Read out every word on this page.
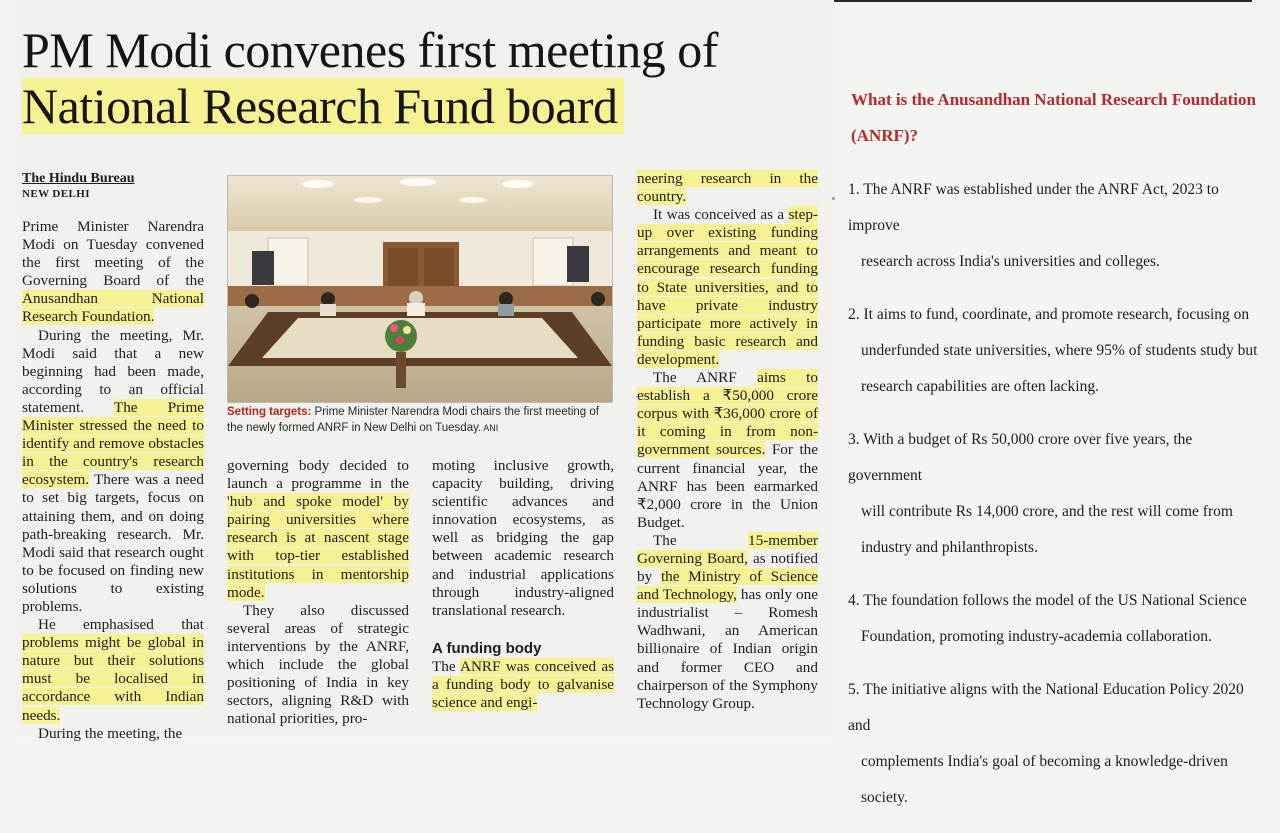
PM Modi convenes first meeting of
National Research Fund board
The Hindu Bureau
NEW DELHI

Prime Minister Narendra Modi on Tuesday convened the first meeting of the Governing Board of the Anusandhan National Research Foundation.

During the meeting, Mr. Modi said that a new beginning had been made, according to an official statement. The Prime Minister stressed the need to identify and remove obstacles in the country's research ecosystem. There was a need to set big targets, focus on attaining them, and on doing path-breaking research. Mr. Modi said that research ought to be focused on finding new solutions to existing problems.

He emphasised that problems might be global in nature but their solutions must be localised in accordance with Indian needs.

During the meeting, the

Setting targets: Prime Minister Narendra Modi chairs the first meeting of the newly formed ANRF in New Delhi on Tuesday. ANI

governing body decided to launch a programme in the 'hub and spoke model' by pairing universities where research is at nascent stage with top-tier established institutions in mentorship mode.

They also discussed several areas of strategic interventions by the ANRF, which include the global positioning of India in key sectors, aligning R&D with national priorities, pro-

moting inclusive growth, capacity building, driving scientific advances and innovation ecosystems, as well as bridging the gap between academic research and industrial applications through industry-aligned translational research.

A funding body

The ANRF was conceived as a funding body to galvanise science and engi-

neering research in the country.

It was conceived as a step-up over existing funding arrangements and meant to encourage research funding to State universities, and to have private industry participate more actively in funding basic research and development.

The ANRF aims to establish a ₹50,000 crore corpus with ₹36,000 crore of it coming in from non-government sources. For the current financial year, the ANRF has been earmarked ₹2,000 crore in the Union Budget.

The 15-member Governing Board, as notified by the Ministry of Science and Technology, has only one industrialist – Romesh Wadhwani, an American billionaire of Indian origin and former CEO and chairperson of the Symphony Technology Group.

What is the Anusandhan National Research Foundation (ANRF)?
1. The ANRF was established under the ANRF Act, 2023 to improve
research across India's universities and colleges.
2. It aims to fund, coordinate, and promote research, focusing on
underfunded state universities, where 95% of students study but
research capabilities are often lacking.
3. With a budget of Rs 50,000 crore over five years, the government
will contribute Rs 14,000 crore, and the rest will come from
industry and philanthropists.
4. The foundation follows the model of the US National Science
Foundation, promoting industry-academia collaboration.
5. The initiative aligns with the National Education Policy 2020 and
complements India's goal of becoming a knowledge-driven society.
